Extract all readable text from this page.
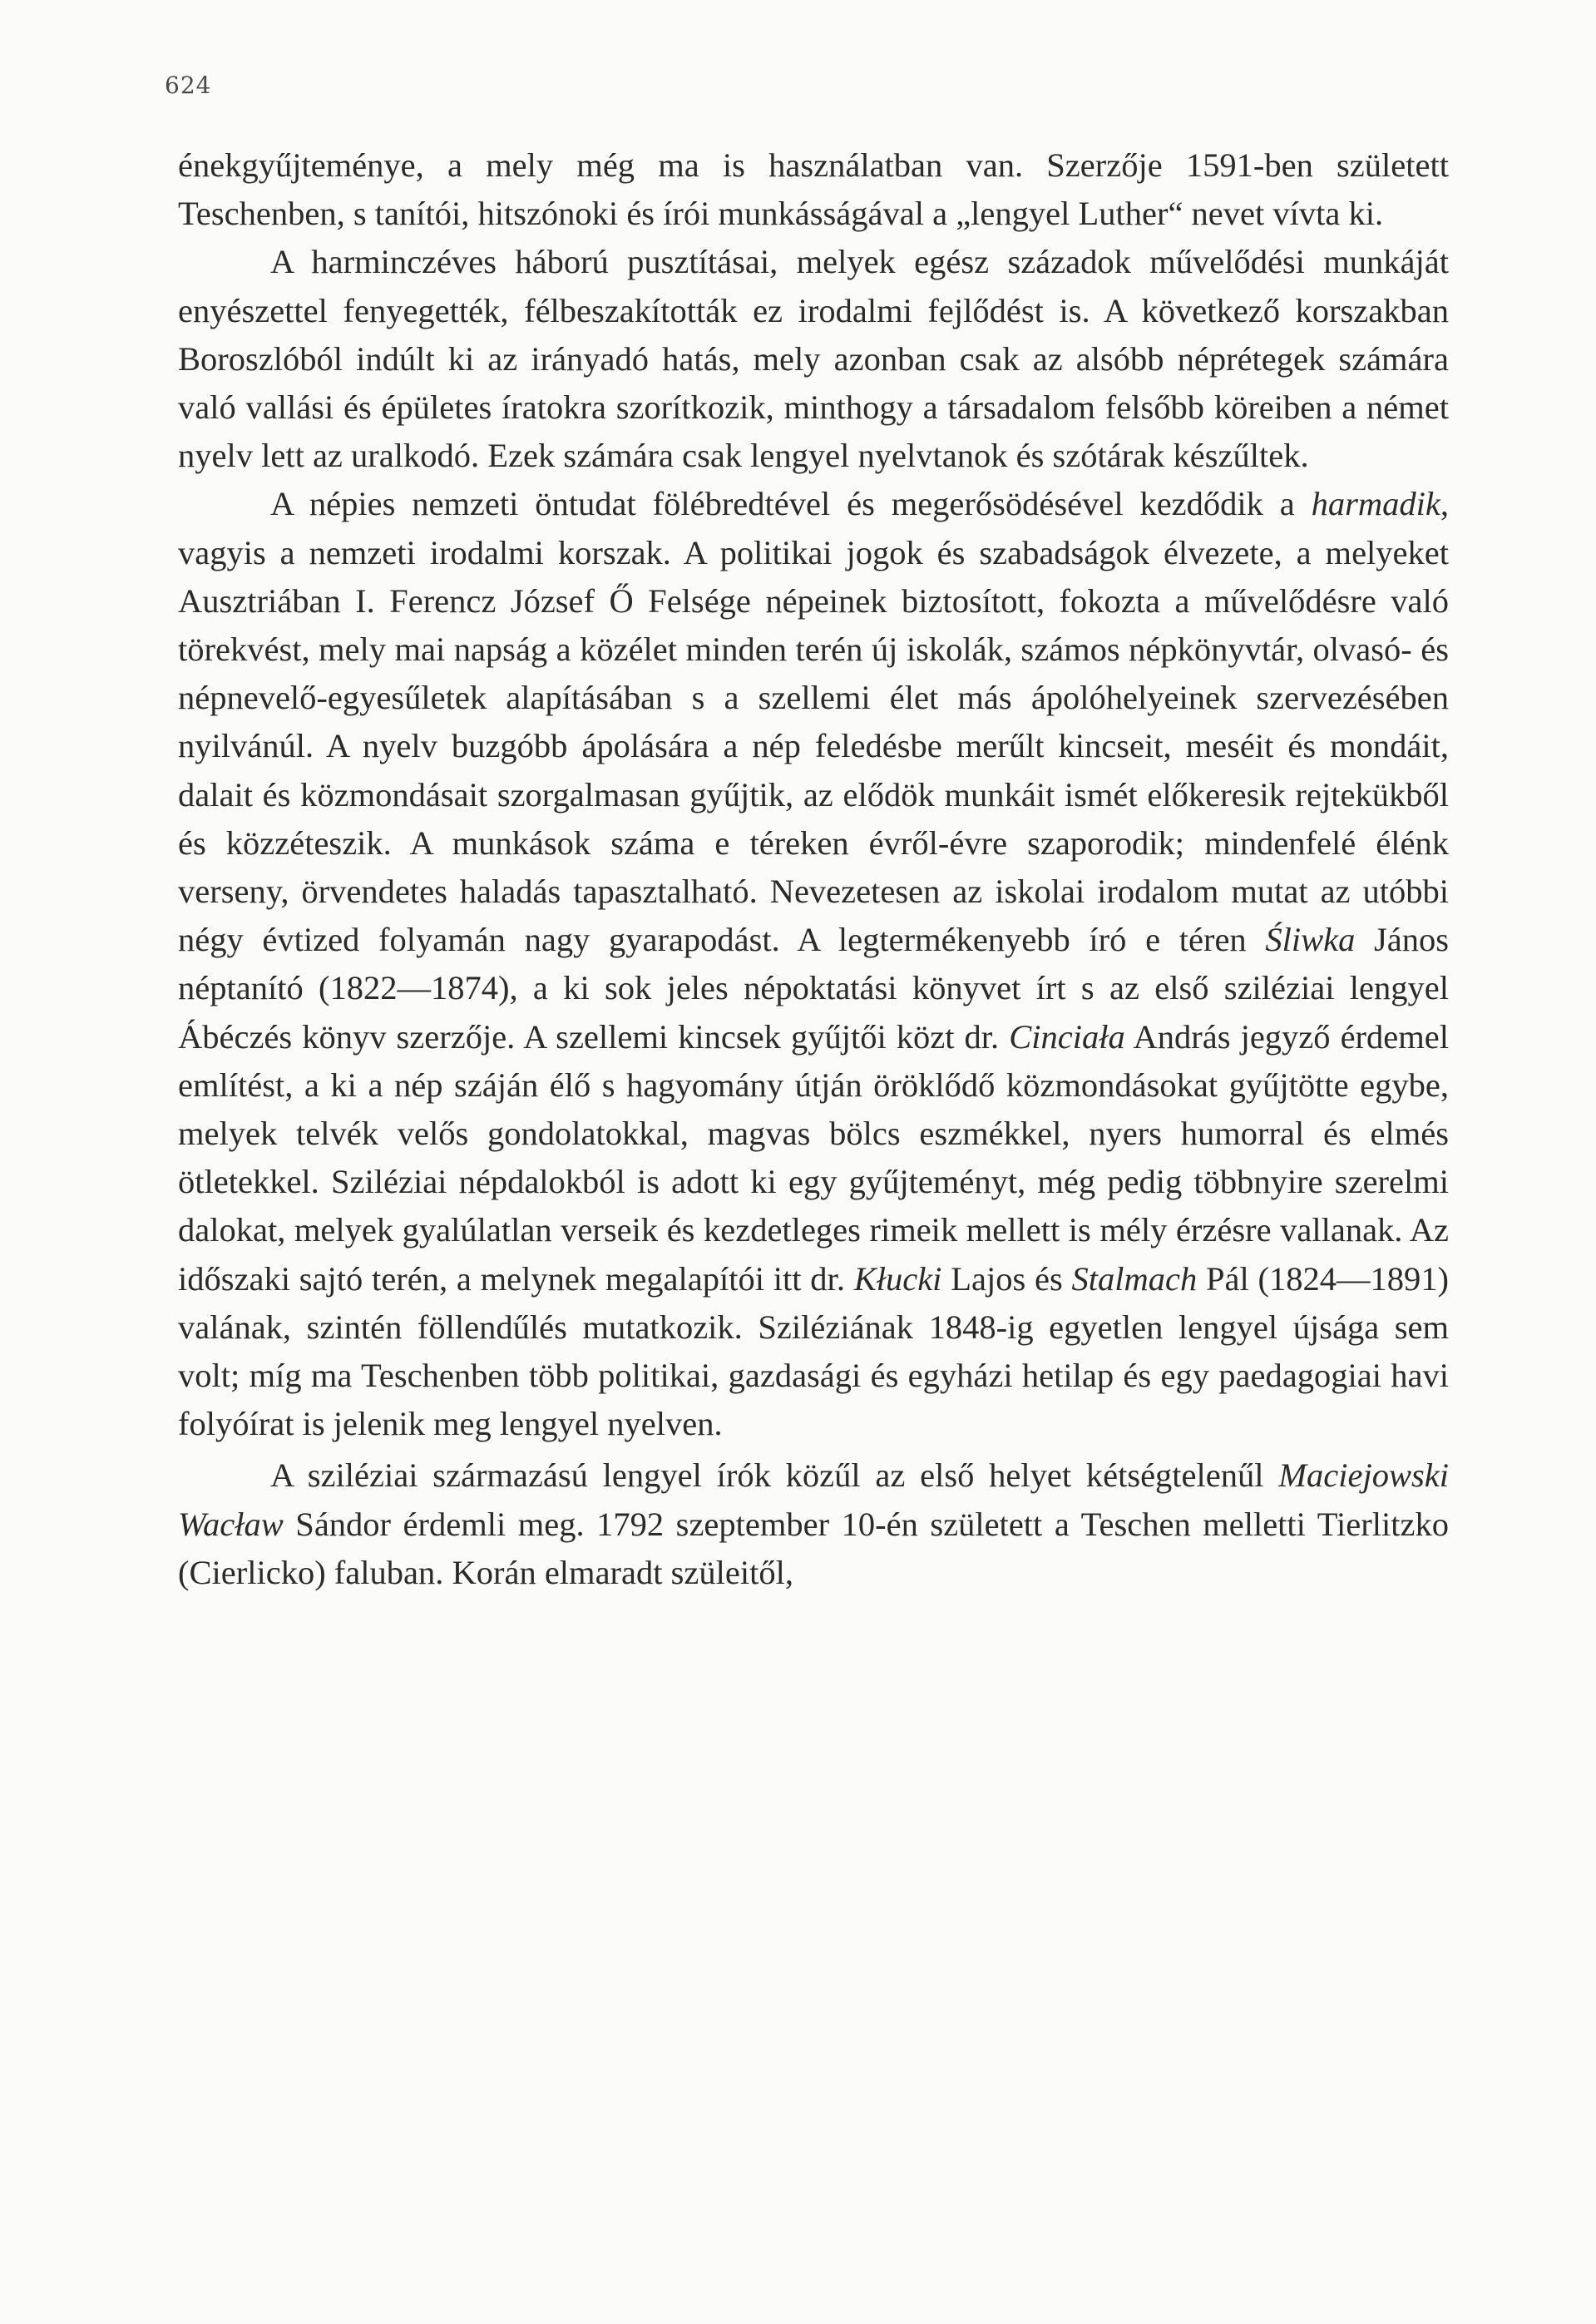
624

énekgyűjteménye, a mely még ma is használatban van. Szerzője 1591-ben született Teschenben, s tanítói, hitszónoki és írói munkásságával a „lengyel Luther“ nevet vívta ki.

A harminczéves háború pusztításai, melyek egész századok művelődési munkáját enyészettel fenyegették, félbeszakították ez irodalmi fejlődést is. A következő korszakban Boroszlóból indúlt ki az irányadó hatás, mely azonban csak az alsóbb néprétegek számára való vallási és épületes íratokra szorítkozik, minthogy a társadalom felsőbb köreiben a német nyelv lett az uralkodó. Ezek számára csak lengyel nyelvtanok és szótárak készűltek.

A népies nemzeti öntudat fölébredtével és megerősödésével kezdődik a harmadik, vagyis a nemzeti irodalmi korszak. A politikai jogok és szabadságok élvezete, a melyeket Ausztriában I. Ferencz József Ő Felsége népeinek biztosított, fokozta a művelődésre való törekvést, mely mai napság a közélet minden terén új iskolák, számos népkönyvtár, olvasó- és népnevelő-egyesűletek alapításában s a szellemi élet más ápolóhelyeinek szervezésében nyilvánúl. A nyelv buzgóbb ápolására a nép feledésbe merűlt kincseit, meséit és mondáit, dalait és közmondásait szorgalmasan gyűjtik, az elődök munkáit ismét előkeresik rejtekükből és közzéteszik. A munkások száma e téreken évről-évre szaporodik; mindenfelé élénk verseny, örvendetes haladás tapasztalható. Nevezetesen az iskolai irodalom mutat az utóbbi négy évtized folyamán nagy gyarapodást. A legtermékenyebb író e téren Śliwka János néptanító (1822—1874), a ki sok jeles népoktatási könyvet írt s az első sziléziai lengyel Ábéczés könyv szerzője. A szellemi kincsek gyűjtői közt dr. Cinciała András jegyző érdemel említést, a ki a nép száján élő s hagyomány útján öröklődő közmondásokat gyűjtötte egybe, melyek telvék velős gondolatokkal, magvas bölcs eszmékkel, nyers humorral és elmés ötletekkel. Sziléziai népdalokból is adott ki egy gyűjteményt, még pedig többnyire szerelmi dalokat, melyek gyalúlatlan verseik és kezdetleges rimeik mellett is mély érzésre vallanak. Az időszaki sajtó terén, a melynek megalapítói itt dr. Kłucki Lajos és Stalmach Pál (1824—1891) valának, szintén föllendűlés mutatkozik. Sziléziának 1848-ig egyetlen lengyel újsága sem volt; míg ma Teschenben több politikai, gazdasági és egyházi hetilap és egy paedagogiai havi folyóírat is jelenik meg lengyel nyelven.

A sziléziai származású lengyel írók közűl az első helyet kétségtelenűl Maciejowski Wacław Sándor érdemli meg. 1792 szeptember 10-én született a Teschen melletti Tierlitzko (Cierlicko) faluban. Korán elmaradt szüleitől,
